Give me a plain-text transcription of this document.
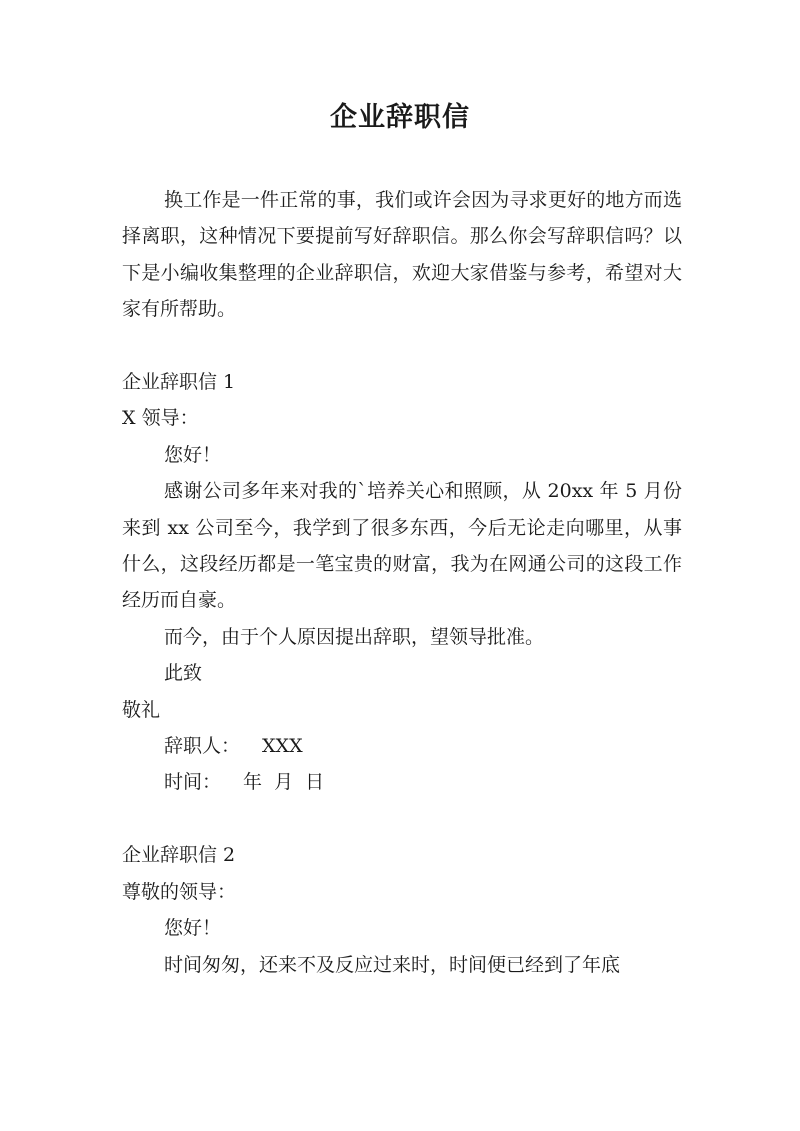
企业辞职信

换工作是一件正常的事，我们或许会因为寻求更好的地方而选择离职，这种情况下要提前写好辞职信。那么你会写辞职信吗？以下是小编收集整理的企业辞职信，欢迎大家借鉴与参考，希望对大家有所帮助。

企业辞职信 1

X 领导：

您好！

感谢公司多年来对我的`培养关心和照顾，从 20xx 年 5 月份来到 xx 公司至今，我学到了很多东西，今后无论走向哪里，从事什么，这段经历都是一笔宝贵的财富，我为在网通公司的这段工作经历而自豪。

而今，由于个人原因提出辞职，望领导批准。

此致

敬礼

辞职人： XXX

时间： 年  月  日

企业辞职信 2

尊敬的领导：

您好！

时间匆匆，还来不及反应过来时，时间便已经到了年底
